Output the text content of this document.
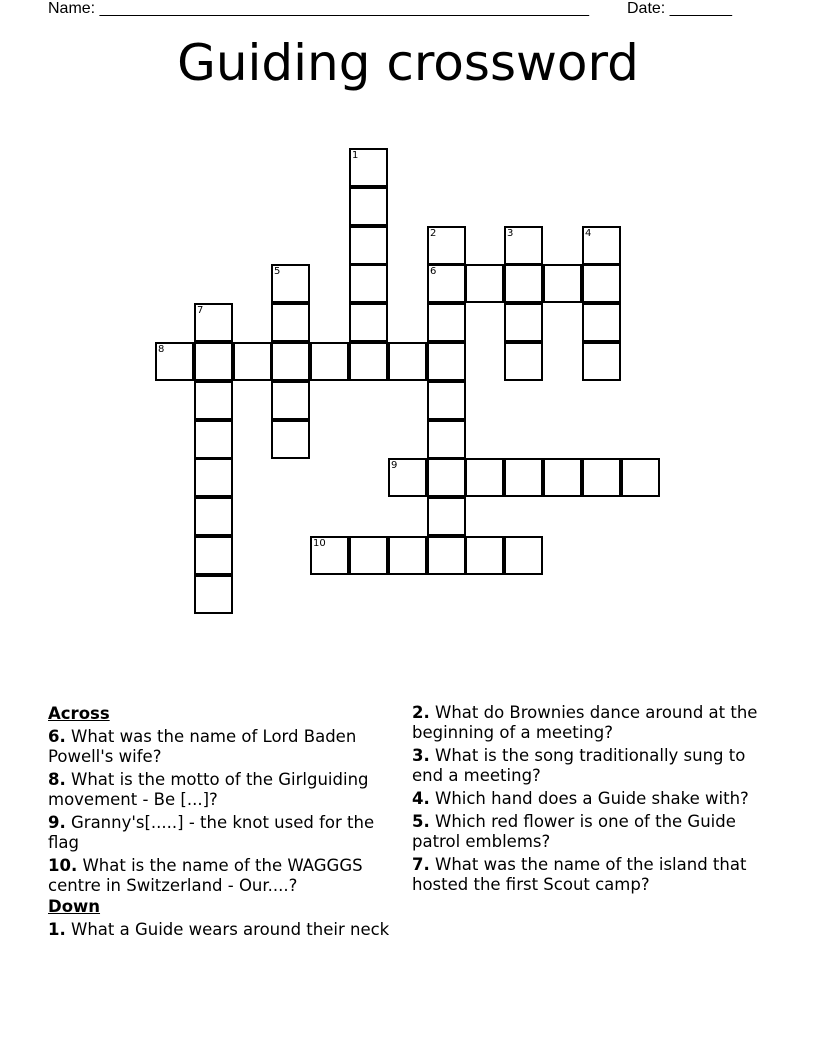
Name: _______________________________________________________ Date: _______
Guiding crossword
1
2
6
3	4
5
7
8
9
10
Across
6. What was the name of Lord Baden Powell's wife?
8. What is the motto of the Girlguiding movement - Be [...]?
9. Granny's[.....] - the knot used for the flag
10. What is the name of the WAGGGS centre in Switzerland - Our....?
Down
1. What a Guide wears around their neck
2. What do Brownies dance around at the beginning of a meeting?
3. What is the song traditionally sung to end a meeting?
4. Which hand does a Guide shake with?
5. Which red flower is one of the Guide patrol emblems?
7. What was the name of the island that hosted the first Scout camp?
